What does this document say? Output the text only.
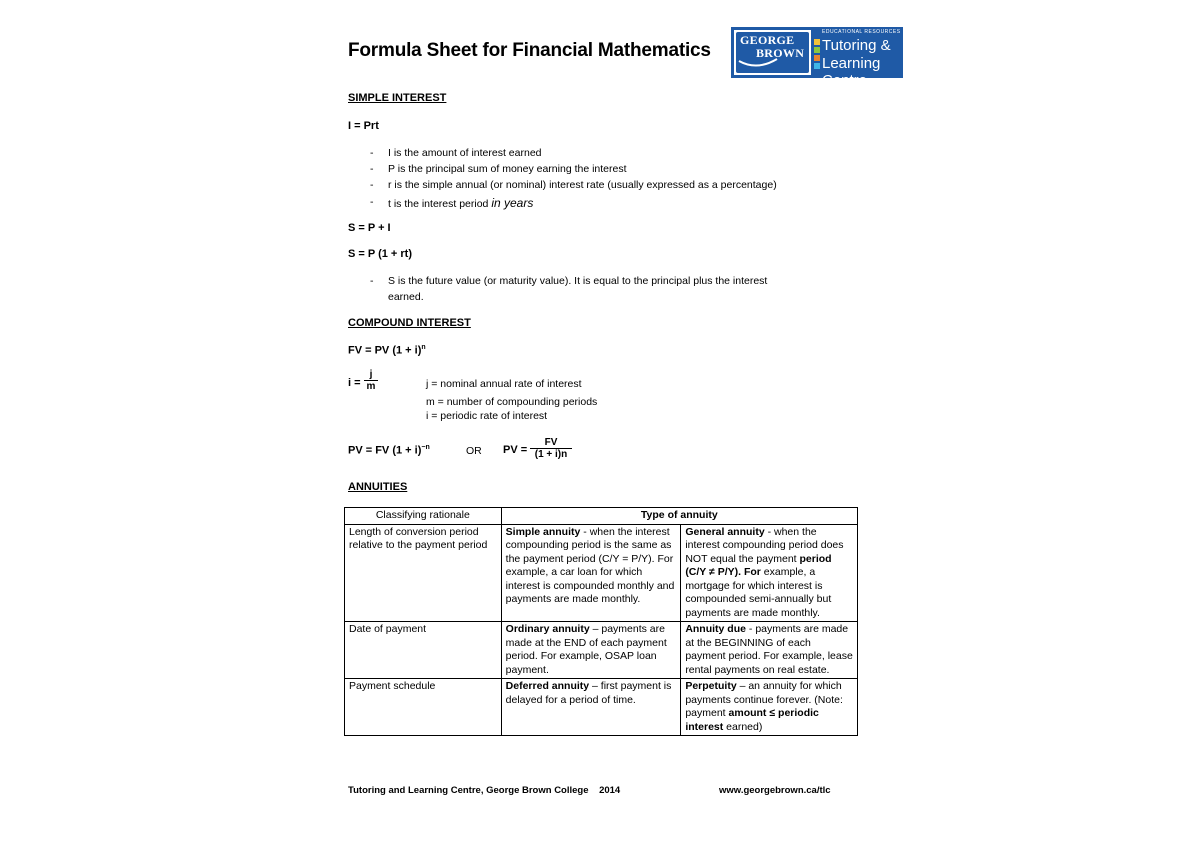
Formula Sheet for Financial Mathematics GEORGE
BROWN
EDUCATIONAL RESOURCES
Tutoring &
Learning Centre
SIMPLE INTEREST
I = Prt
- I is the amount of interest earned
- P is the principal sum of money earning the interest
- r is the simple annual (or nominal) interest rate (usually expressed as a percentage)
- t is the interest period in years
S = P + I
S = P (1 + rt)
- S is the future value (or maturity value). It is equal to the principal plus the interest
earned.
COMPOUND INTEREST
FV = PV $(1 + i)^n$
$i = \frac{j}{m}$	j = nominal annual rate of interest
m = number of compounding periods
i = periodic rate of interest
PV = FV $(1 + i)^{-n}$	OR PV = $\frac{FV}{(1 + i)n}$
ANNUITIES
Classifying rationale	Type of annuity	
Length of conversion period relative to the payment period	Simple annuity - when the interest compounding period is the same as the payment period (C/Y = P/Y). For example, a car loan for which interest is compounded monthly and payments are made monthly.	General annuity - when the interest compounding period does NOT equal the payment period (C/Y ≠ P/Y). For example, a mortgage for which interest is compounded semi-annually but payments are made monthly.
Date of payment	Ordinary annuity – payments are made at the END of each payment period. For example, OSAP loan payment.	Annuity due - payments are made at the BEGINNING of each payment period. For example, lease rental payments on real estate.
Payment schedule	Deferred annuity – first payment is delayed for a period of time.	Perpetuity – an annuity for which payments continue forever. (Note: payment amount ≤ periodic interest earned)
Tutoring and Learning Centre, George Brown College    2014	www.georgebrown.ca/tlc
